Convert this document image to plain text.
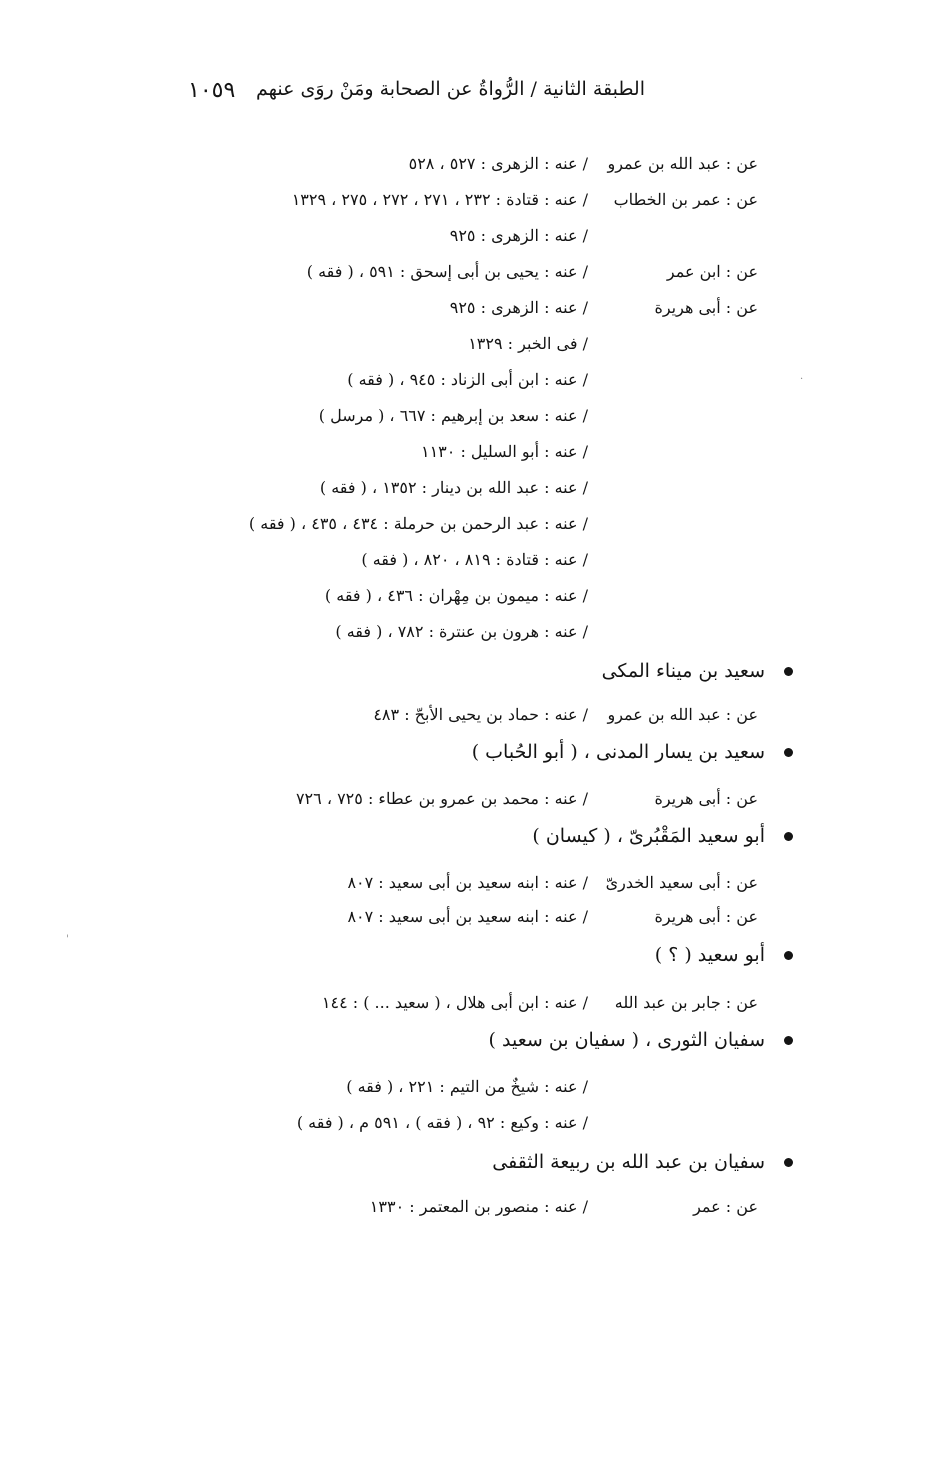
الطبقة الثانية / الرُّواةُ عن الصحابة ومَنْ روَى عنهم
١٠٥٩
عن : عبد الله بن عمرو
/ عنه : الزهرى : ٥٢٧ ، ٥٢٨
عن : عمر بن الخطاب
/ عنه : قتادة : ٢٣٢ ، ٢٧١ ، ٢٧٢ ، ٢٧٥ ، ١٣٢٩
/ عنه : الزهرى : ٩٢٥
عن : ابن عمر
/ عنه : يحيى بن أبى إسحق : ٥٩١ ، ( فقه )
عن : أبى هريرة
/ عنه : الزهرى : ٩٢٥
/ فى الخبر : ١٣٢٩
/ عنه : ابن أبى الزناد : ٩٤٥ ، ( فقه )
/ عنه : سعد بن إبرهيم : ٦٦٧ ، ( مرسل )
/ عنه : أبو السليل : ١١٣٠
/ عنه : عبد الله بن دينار : ١٣٥٢ ، ( فقه )
/ عنه : عبد الرحمن بن حرملة : ٤٣٤ ، ٤٣٥ ، ( فقه )
/ عنه : قتادة : ٨١٩ ، ٨٢٠ ، ( فقه )
/ عنه : ميمون بن مِهْران : ٤٣٦ ، ( فقه )
/ عنه : هرون بن عنترة : ٧٨٢ ، ( فقه )
سعيد بن ميناء المكى
عن : عبد الله بن عمرو
/ عنه : حماد بن يحيى الأبحّ : ٤٨٣
سعيد بن يسار المدنى ، ( أبو الحُباب )
عن : أبى هريرة
/ عنه : محمد بن عمرو بن عطاء : ٧٢٥ ، ٧٢٦
أبو سعيد المَقْبُرىّ ، ( كيسان )
عن : أبى سعيد الخدرىّ
/ عنه : ابنه سعيد بن أبى سعيد : ٨٠٧
عن : أبى هريرة
/ عنه : ابنه سعيد بن أبى سعيد : ٨٠٧
أبو سعيد ( ؟ )
عن : جابر بن عبد الله
/ عنه : ابن أبى هلال ، ( سعيد ... ) : ١٤٤
سفيان الثورى ، ( سفيان بن سعيد )
/ عنه : شيخٌ من التيم : ٢٢١ ، ( فقه )
/ عنه : وكيع : ٩٢ ، ( فقه ) ، ٥٩١ م ، ( فقه )
سفيان بن عبد الله بن ربيعة الثقفى
عن : عمر
/ عنه : منصور بن المعتمر : ١٣٣٠
·
'
